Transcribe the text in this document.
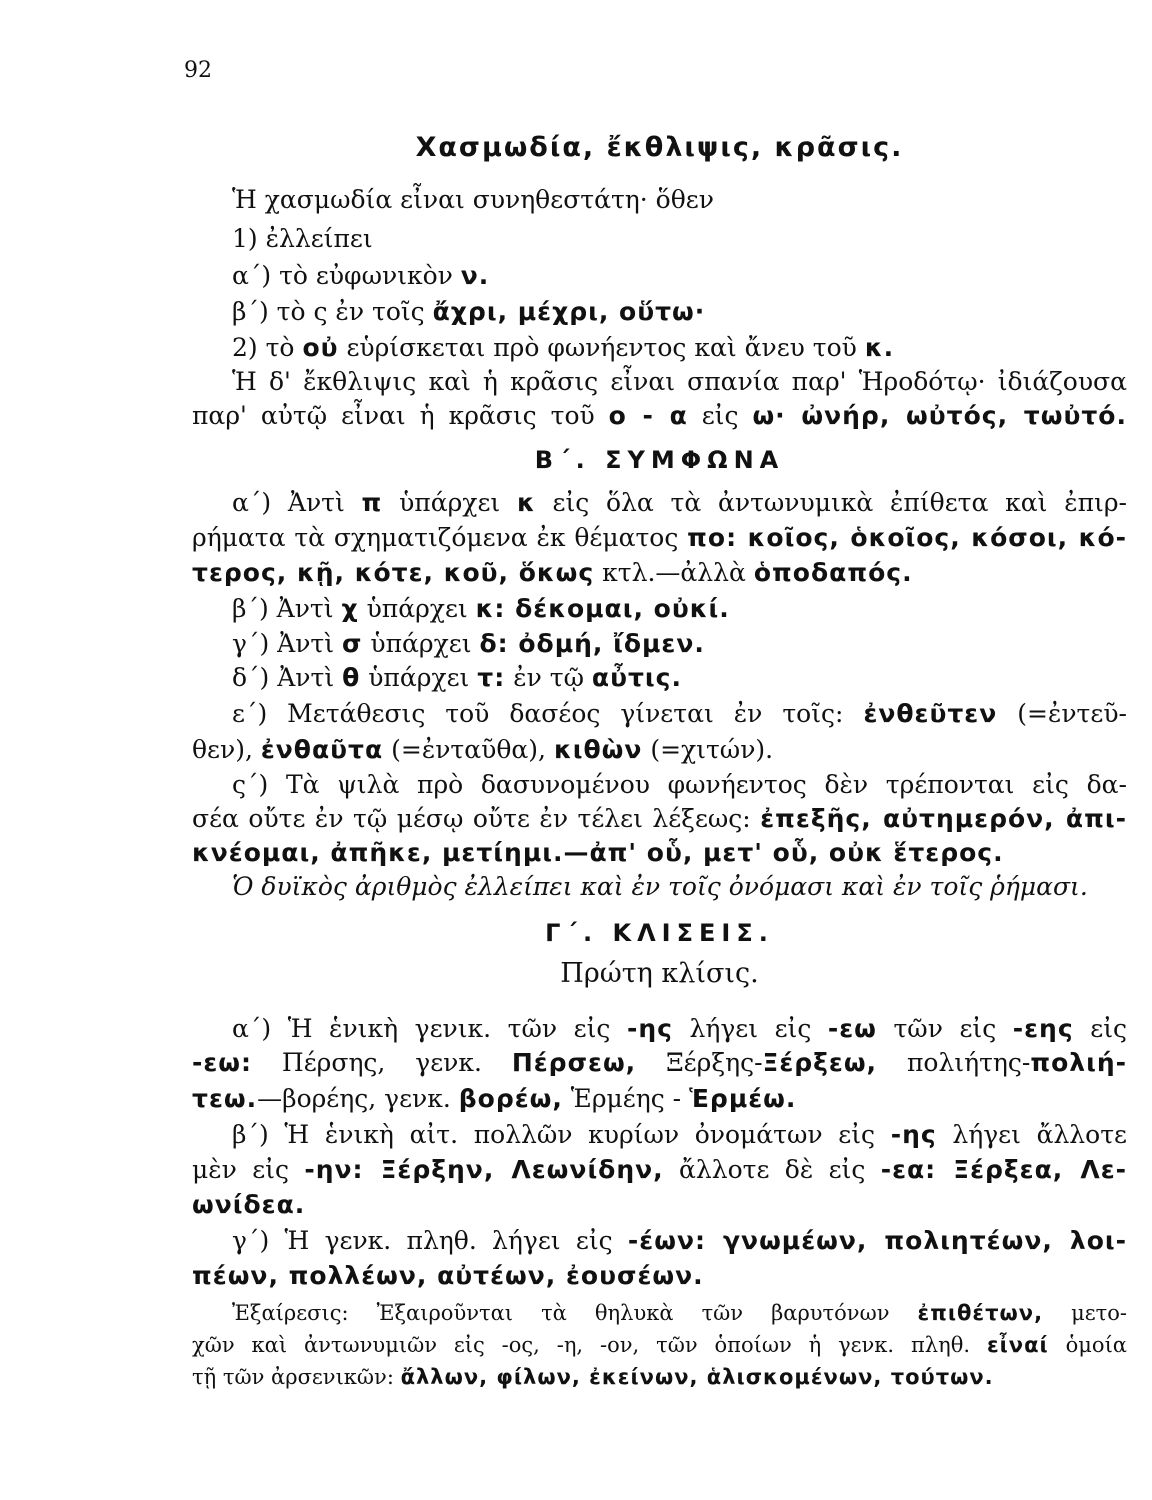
92
Χασμωδία, ἔκθλιψις, κρᾶσις.
Ἡ χασμωδία εἶναι συνηθεστάτη· ὅθεν
1) ἐλλείπει
α΄) τὸ εὐφωνικὸν ν.
β΄) τὸ ς ἐν τοῖς ἄχρι, μέχρι, οὕτω·
2) τὸ οὐ εὑρίσκεται πρὸ φωνήεντος καὶ ἄνευ τοῦ κ.
Ἡ δ' ἔκθλιψις καὶ ἡ κρᾶσις εἶναι σπανία παρ' Ἡροδότῳ· ἰδιάζουσα
παρ' αὐτῷ εἶναι ἡ κρᾶσις τοῦ ο - α εἰς ω· ὠνήρ, ωὐτός, τωὐτό.
Β΄. ΣΥΜΦΩΝΑ
α΄) Ἀντὶ π ὑπάρχει κ εἰς ὅλα τὰ ἀντωνυμικὰ ἐπίθετα καὶ ἐπιρ-
ρήματα τὰ σχηματιζόμενα ἐκ θέματος πο: κοῖος, ὁκοῖος, κόσοι, κό-
τερος, κῇ, κότε, κοῦ, ὅκως κτλ.—ἀλλὰ ὁποδαπός.
β΄) Ἀντὶ χ ὑπάρχει κ: δέκομαι, οὐκί.
γ΄) Ἀντὶ σ ὑπάρχει δ: ὀδμή, ἴδμεν.
δ΄) Ἀντὶ θ ὑπάρχει τ: ἐν τῷ αὖτις.
ε΄) Μετάθεσις τοῦ δασέος γίνεται ἐν τοῖς: ἐνθεῦτεν (=ἐντεῦ-
θεν), ἐνθαῦτα (=ἐνταῦθα), κιθὼν (=χιτών).
ς΄) Τὰ ψιλὰ πρὸ δασυνομένου φωνήεντος δὲν τρέπονται εἰς δα-
σέα οὔτε ἐν τῷ μέσῳ οὔτε ἐν τέλει λέξεως: ἐπεξῆς, αὐτημερόν, ἀπι-
κνέομαι, ἀπῆκε, μετίημι.—ἀπ' οὗ, μετ' οὗ, οὐκ ἕτερος.
Ὁ δυϊκὸς ἀριθμὸς ἐλλείπει καὶ ἐν τοῖς ὀνόμασι καὶ ἐν τοῖς ῥήμασι.
Γ΄. ΚΛΙΣΕΙΣ.
Πρώτη κλίσις.
α΄) Ἡ ἑνικὴ γενικ. τῶν εἰς -ης λήγει εἰς -εω τῶν εἰς -εης εἰς
-εω: Πέρσης, γενκ. Πέρσεω, Ξέρξης-Ξέρξεω, πολιήτης-πολιή-
τεω.—βορέης, γενκ. βορέω, Ἑρμέης - Ἑρμέω.
β΄) Ἡ ἑνικὴ αἰτ. πολλῶν κυρίων ὀνομάτων εἰς -ης λήγει ἄλλοτε
μὲν εἰς -ην: Ξέρξην, Λεωνίδην, ἄλλοτε δὲ εἰς -εα: Ξέρξεα, Λε-
ωνίδεα.
γ΄) Ἡ γενκ. πληθ. λήγει εἰς -έων: γνωμέων, πολιητέων, λοι-
πέων, πολλέων, αὐτέων, ἐουσέων.
Ἐξαίρεσις: Ἐξαιροῦνται τὰ θηλυκὰ τῶν βαρυτόνων ἐπιθέτων, μετο-
χῶν καὶ ἀντωνυμιῶν εἰς -ος, -η, -ον, τῶν ὁποίων ἡ γενκ. πληθ. εἶναί ὁμοία
τῇ τῶν ἀρσενικῶν: ἄλλων, φίλων, ἐκείνων, ἁλισκομένων, τούτων.
